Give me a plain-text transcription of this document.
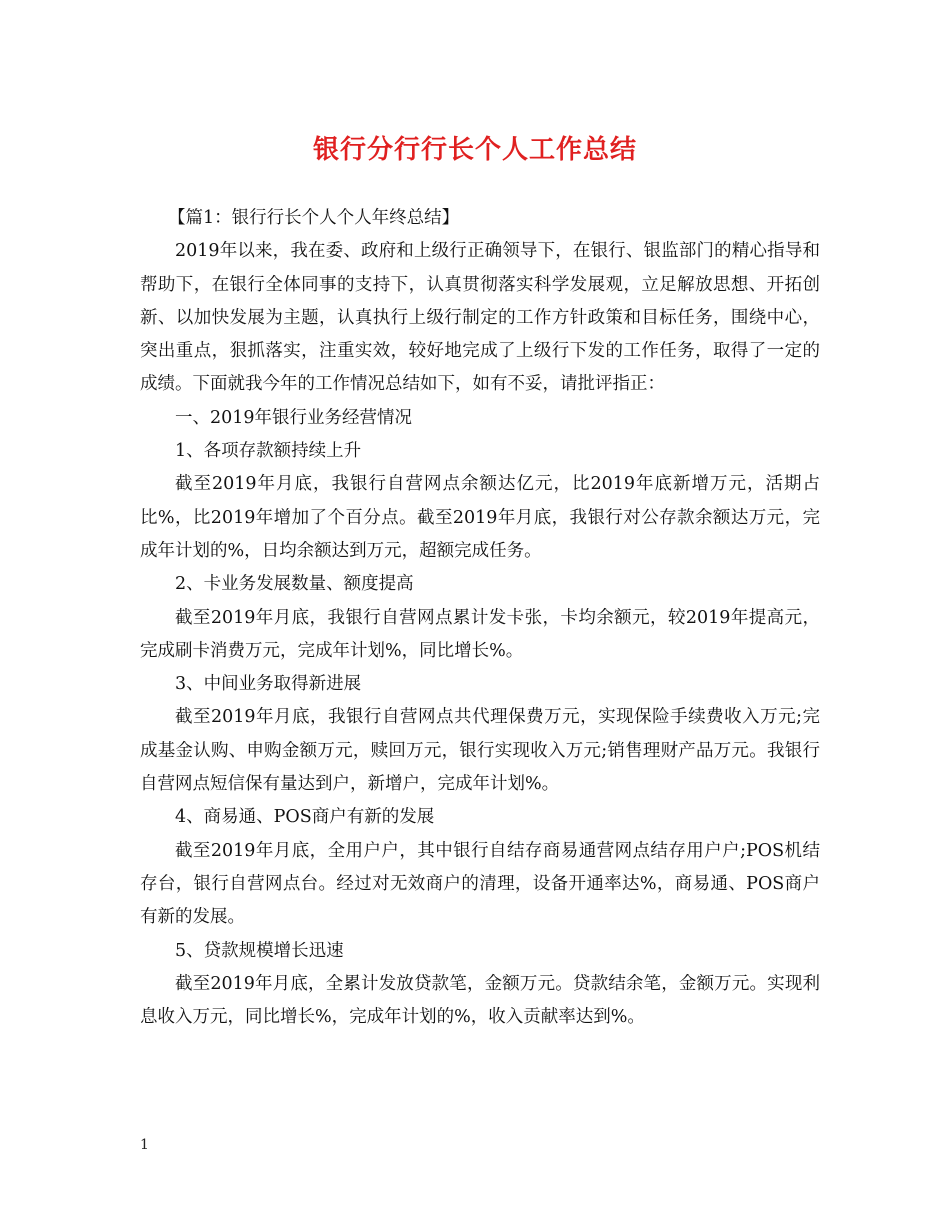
银行分行行长个人工作总结

【篇1：银行行长个人个人年终总结】

2019年以来，我在委、政府和上级行正确领导下，在银行、银监部门的精心指导和帮助下，在银行全体同事的支持下，认真贯彻落实科学发展观，立足解放思想、开拓创新、以加快发展为主题，认真执行上级行制定的工作方针政策和目标任务，围绕中心，突出重点，狠抓落实，注重实效，较好地完成了上级行下发的工作任务，取得了一定的成绩。下面就我今年的工作情况总结如下，如有不妥，请批评指正：

一、2019年银行业务经营情况

1、各项存款额持续上升

截至2019年月底，我银行自营网点余额达亿元，比2019年底新增万元，活期占比%，比2019年增加了个百分点。截至2019年月底，我银行对公存款余额达万元，完成年计划的%，日均余额达到万元，超额完成任务。

2、卡业务发展数量、额度提高

截至2019年月底，我银行自营网点累计发卡张，卡均余额元，较2019年提高元，完成刷卡消费万元，完成年计划%，同比增长%。

3、中间业务取得新进展

截至2019年月底，我银行自营网点共代理保费万元，实现保险手续费收入万元;完成基金认购、申购金额万元，赎回万元，银行实现收入万元;销售理财产品万元。我银行自营网点短信保有量达到户，新增户，完成年计划%。

4、商易通、POS商户有新的发展

截至2019年月底，全用户户，其中银行自结存商易通营网点结存用户户;POS机结存台，银行自营网点台。经过对无效商户的清理，设备开通率达%，商易通、POS商户有新的发展。

5、贷款规模增长迅速

截至2019年月底，全累计发放贷款笔，金额万元。贷款结余笔，金额万元。实现利息收入万元，同比增长%，完成年计划的%，收入贡献率达到%。

1
